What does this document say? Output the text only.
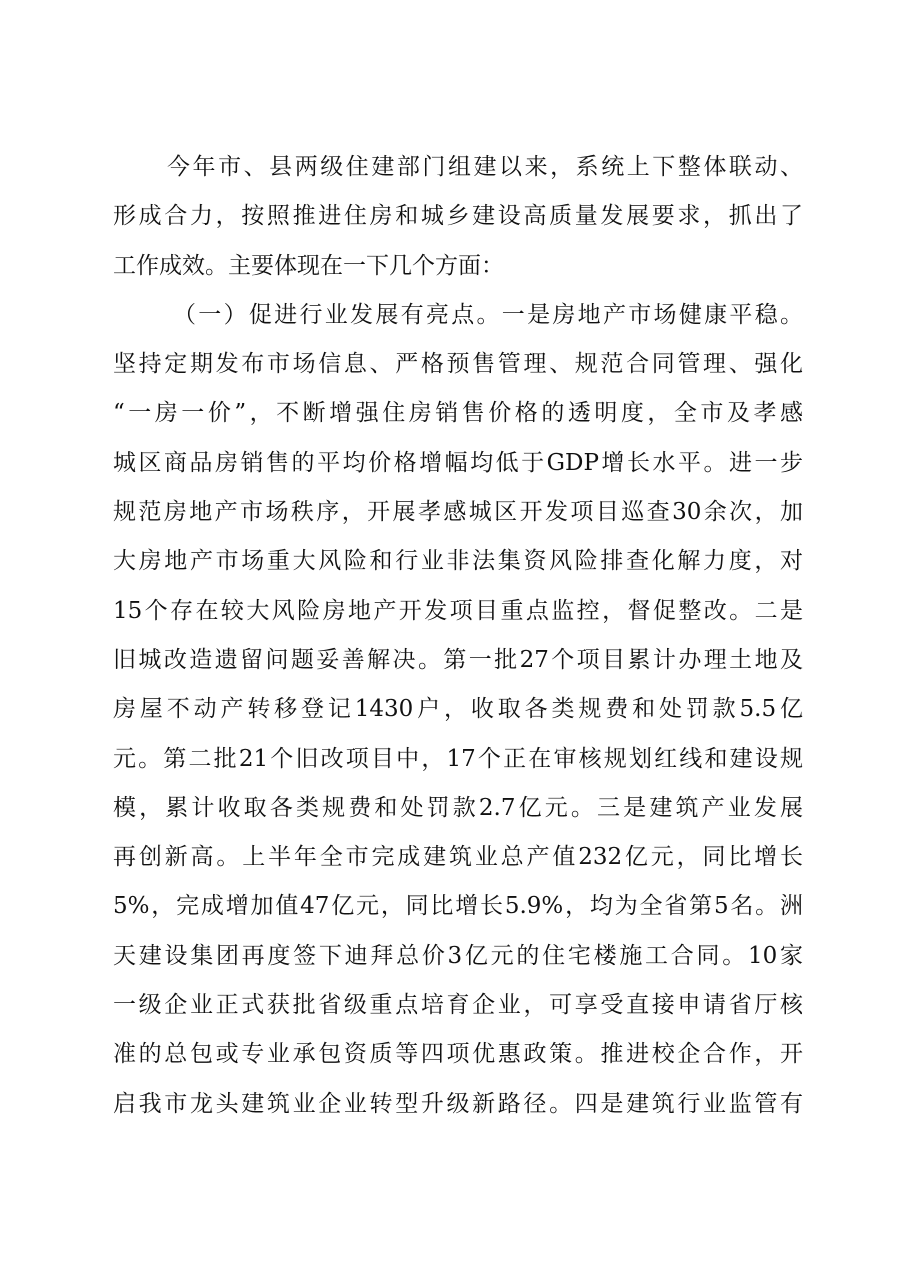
今年市、县两级住建部门组建以来，系统上下整体联动、
形成合力，按照推进住房和城乡建设高质量发展要求，抓出了
工作成效。主要体现在一下几个方面：
（一）促进行业发展有亮点。一是房地产市场健康平稳。
坚持定期发布市场信息、严格预售管理、规范合同管理、强化
“一房一价”，不断增强住房销售价格的透明度，全市及孝感
城区商品房销售的平均价格增幅均低于GDP增长水平。进一步
规范房地产市场秩序，开展孝感城区开发项目巡查30余次，加
大房地产市场重大风险和行业非法集资风险排查化解力度，对
15个存在较大风险房地产开发项目重点监控，督促整改。二是
旧城改造遗留问题妥善解决。第一批27个项目累计办理土地及
房屋不动产转移登记1430户，收取各类规费和处罚款5.5亿
元。第二批21个旧改项目中，17个正在审核规划红线和建设规
模，累计收取各类规费和处罚款2.7亿元。三是建筑产业发展
再创新高。上半年全市完成建筑业总产值232亿元，同比增长
5%，完成增加值47亿元，同比增长5.9%，均为全省第5名。洲
天建设集团再度签下迪拜总价3亿元的住宅楼施工合同。10家
一级企业正式获批省级重点培育企业，可享受直接申请省厅核
准的总包或专业承包资质等四项优惠政策。推进校企合作，开
启我市龙头建筑业企业转型升级新路径。四是建筑行业监管有
